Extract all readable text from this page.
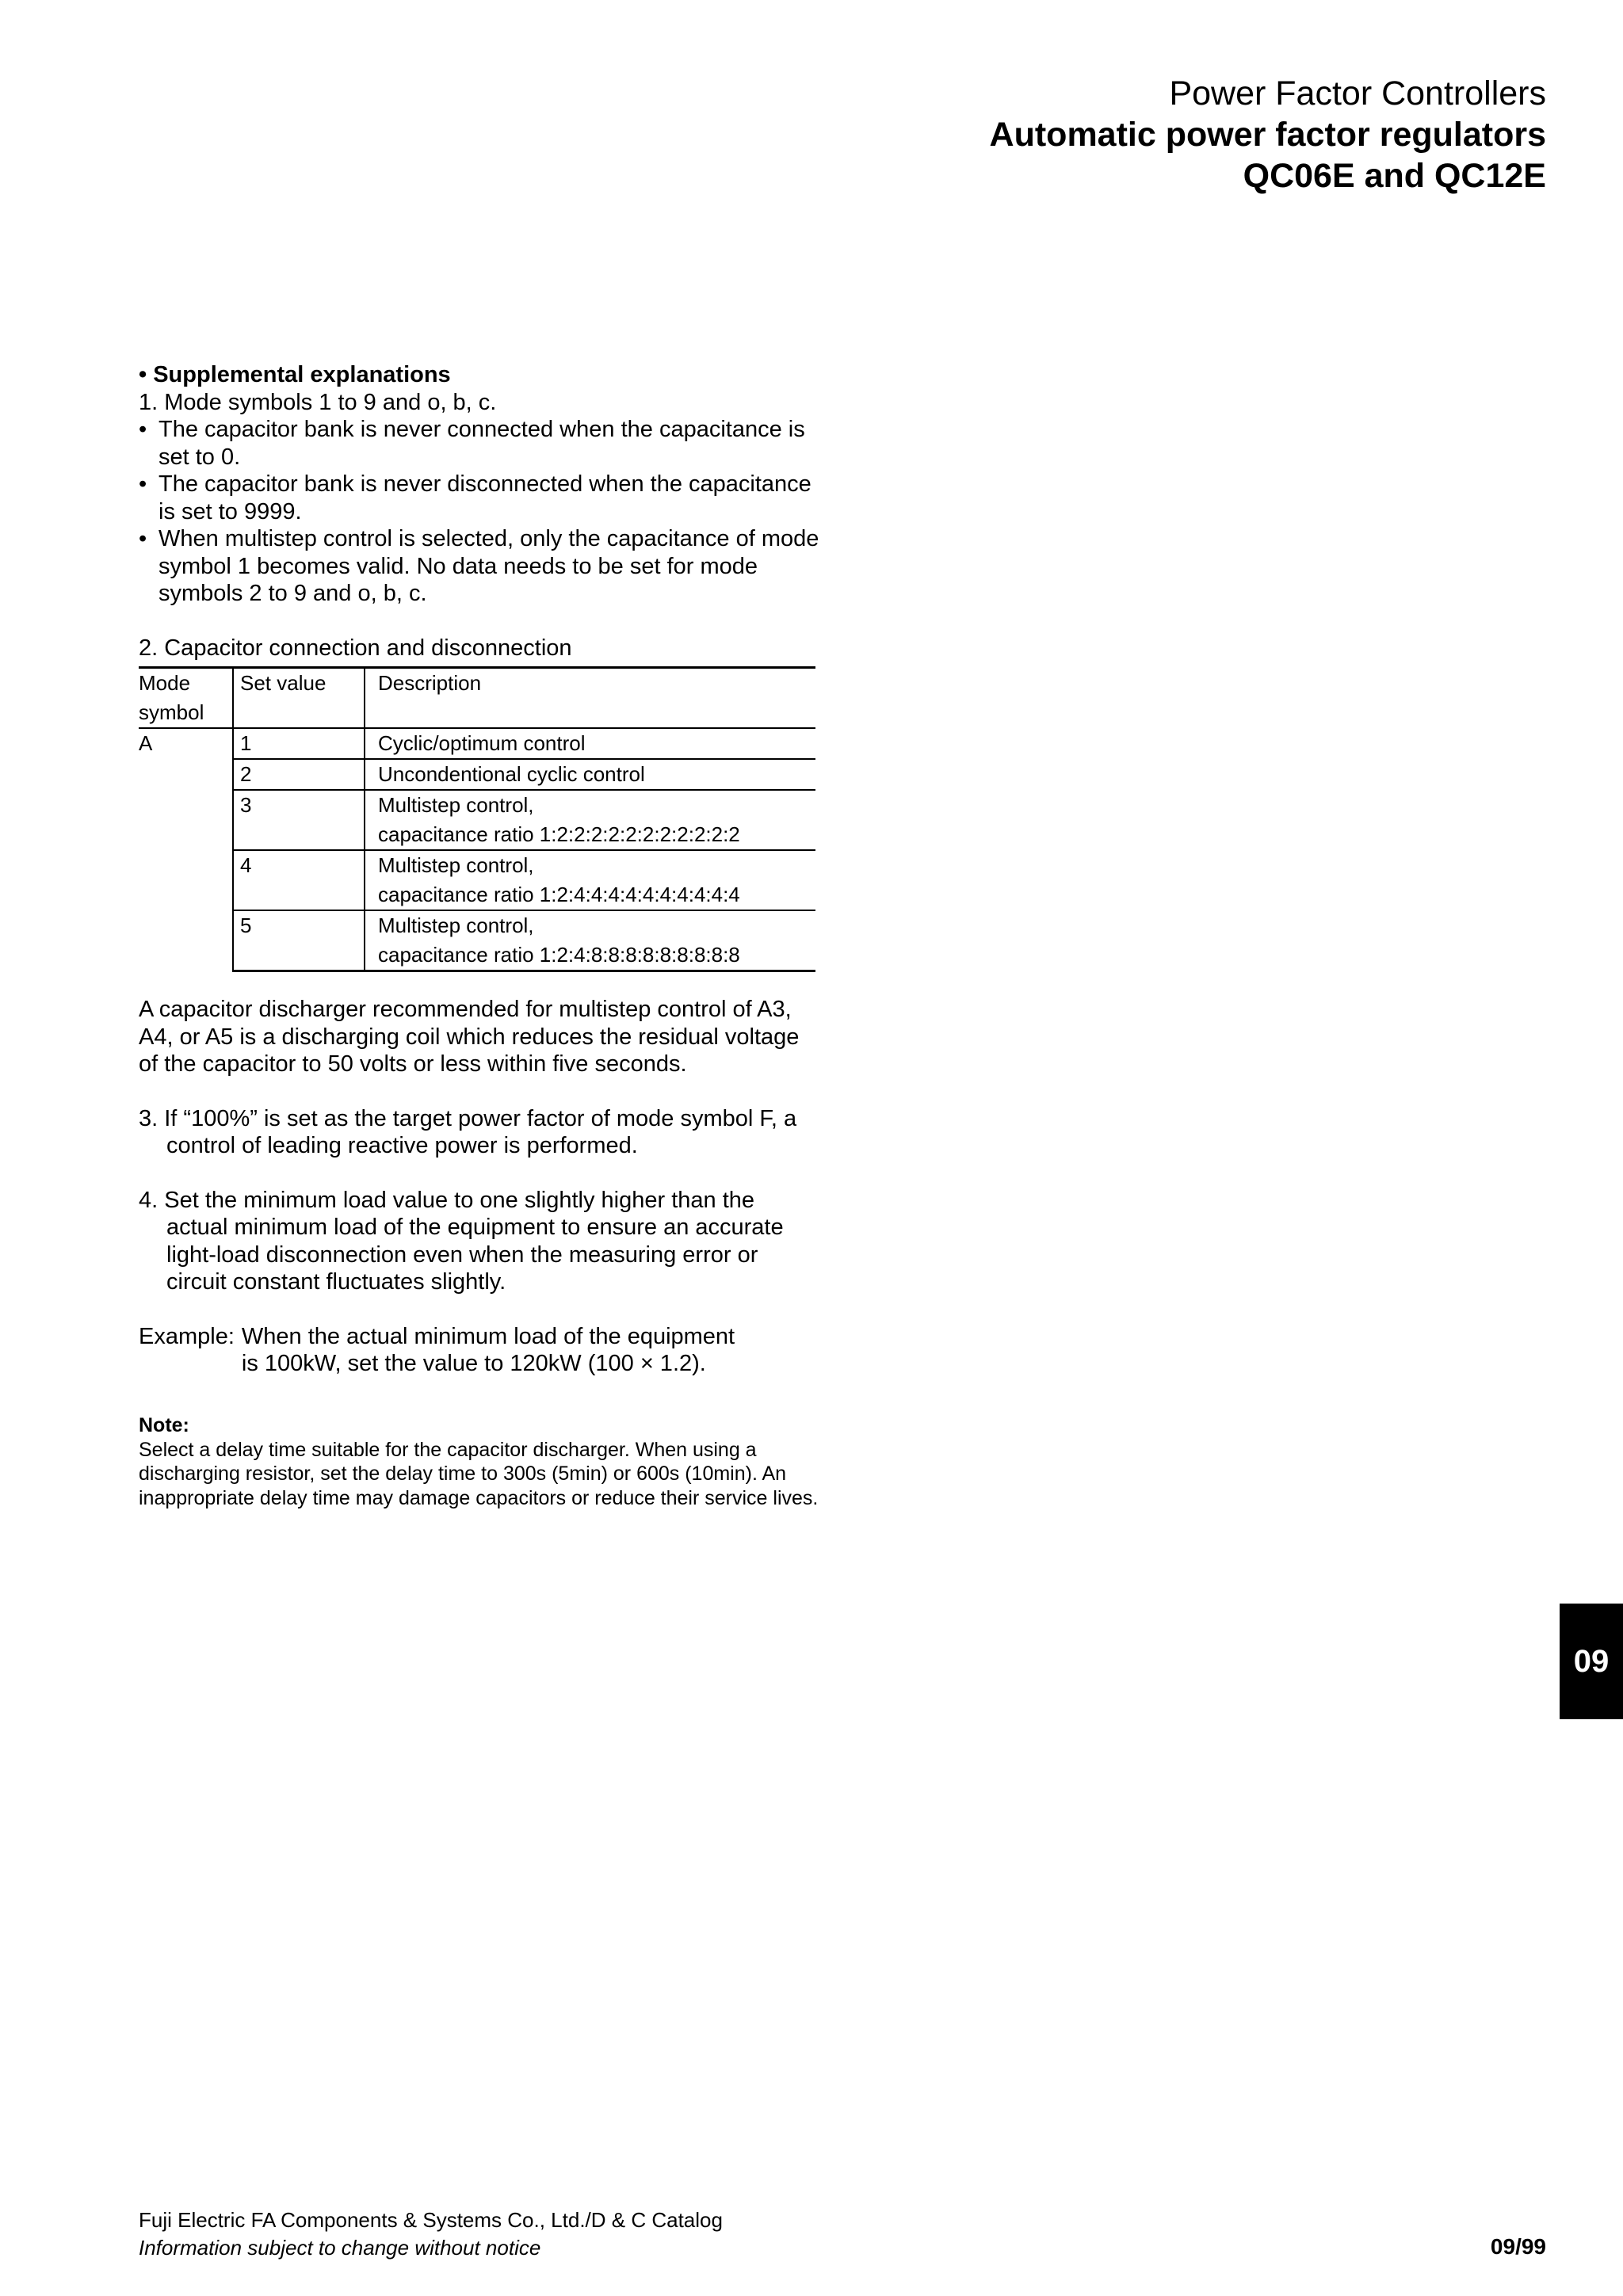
Power Factor Controllers
Automatic power factor regulators
QC06E and QC12E
• Supplemental explanations
1. Mode symbols 1 to 9 and o, b, c.
• The capacitor bank is never connected when the capacitance is set to 0.
• The capacitor bank is never disconnected when the capacitance is set to 9999.
• When multistep control is selected, only the capacitance of mode symbol 1 becomes valid. No data needs to be set for mode symbols 2 to 9 and o, b, c.
2. Capacitor connection and disconnection
Mode
symbol	Set value	Description
A	1	Cyclic/optimum control
	2	Uncondentional cyclic control
	3	Multistep control,
capacitance ratio 1:2:2:2:2:2:2:2:2:2:2:2

	4	Multistep control,
capacitance ratio 1:2:4:4:4:4:4:4:4:4:4:4

	5	Multistep control,
capacitance ratio 1:2:4:8:8:8:8:8:8:8:8:8
A capacitor discharger recommended for multistep control of A3, A4, or A5 is a discharging coil which reduces the residual voltage of the capacitor to 50 volts or less within five seconds.
3. If “100%” is set as the target power factor of mode symbol F, a control of leading reactive power is performed.
4. Set the minimum load value to one slightly higher than the actual minimum load of the equipment to ensure an accurate light-load disconnection even when the measuring error or circuit constant fluctuates slightly.
Example: When the actual minimum load of the equipment
is 100kW, set the value to 120kW (100 × 1.2).
Note:
Select a delay time suitable for the capacitor discharger. When using a discharging resistor, set the delay time to 300s (5min) or 600s (10min). An inappropriate delay time may damage capacitors or reduce their service lives.
09
Fuji Electric FA Components & Systems Co., Ltd./D & C Catalog
Information subject to change without notice	09/99
